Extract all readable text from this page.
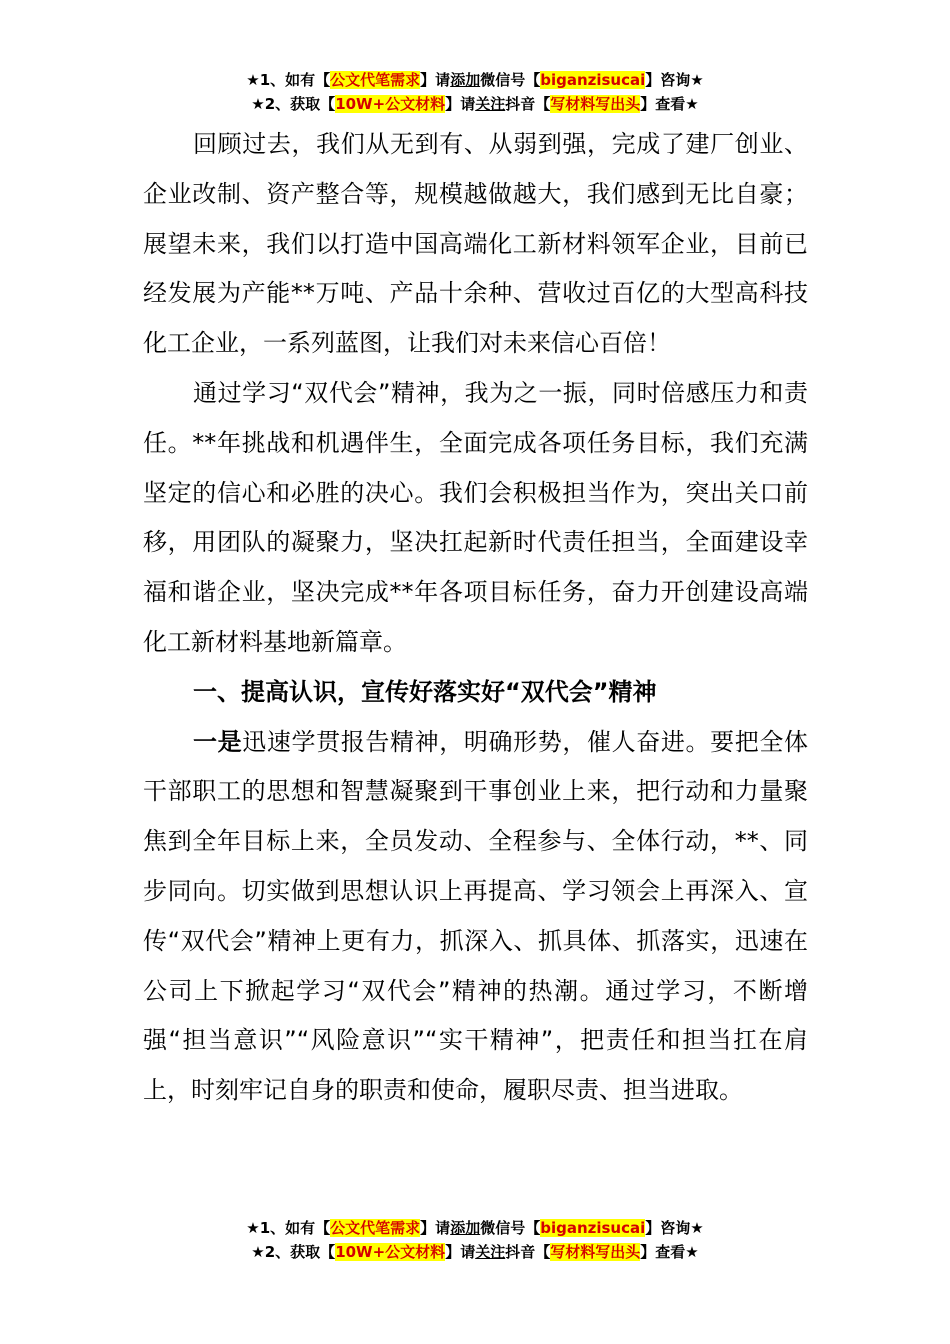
★1、如有【公文代笔需求】请添加微信号【biganzisucai】咨询★
★2、获取【10W+公文材料】请关注抖音【写材料写出头】查看★

回顾过去，我们从无到有、从弱到强，完成了建厂创业、企业改制、资产整合等，规模越做越大，我们感到无比自豪；展望未来，我们以打造中国高端化工新材料领军企业，目前已经发展为产能**万吨、产品十余种、营收过百亿的大型高科技化工企业，一系列蓝图，让我们对未来信心百倍！

通过学习“双代会”精神，我为之一振，同时倍感压力和责任。**年挑战和机遇伴生，全面完成各项任务目标，我们充满坚定的信心和必胜的决心。我们会积极担当作为，突出关口前移，用团队的凝聚力，坚决扛起新时代责任担当，全面建设幸福和谐企业，坚决完成**年各项目标任务，奋力开创建设高端化工新材料基地新篇章。

一、提高认识，宣传好落实好“双代会”精神

一是迅速学贯报告精神，明确形势，催人奋进。要把全体干部职工的思想和智慧凝聚到干事创业上来，把行动和力量聚焦到全年目标上来，全员发动、全程参与、全体行动，**、同步同向。切实做到思想认识上再提高、学习领会上再深入、宣传“双代会”精神上更有力，抓深入、抓具体、抓落实，迅速在公司上下掀起学习“双代会”精神的热潮。通过学习，不断增强“担当意识”“风险意识”“实干精神”，把责任和担当扛在肩上，时刻牢记自身的职责和使命，履职尽责、担当进取。

★1、如有【公文代笔需求】请添加微信号【biganzisucai】咨询★
★2、获取【10W+公文材料】请关注抖音【写材料写出头】查看★
